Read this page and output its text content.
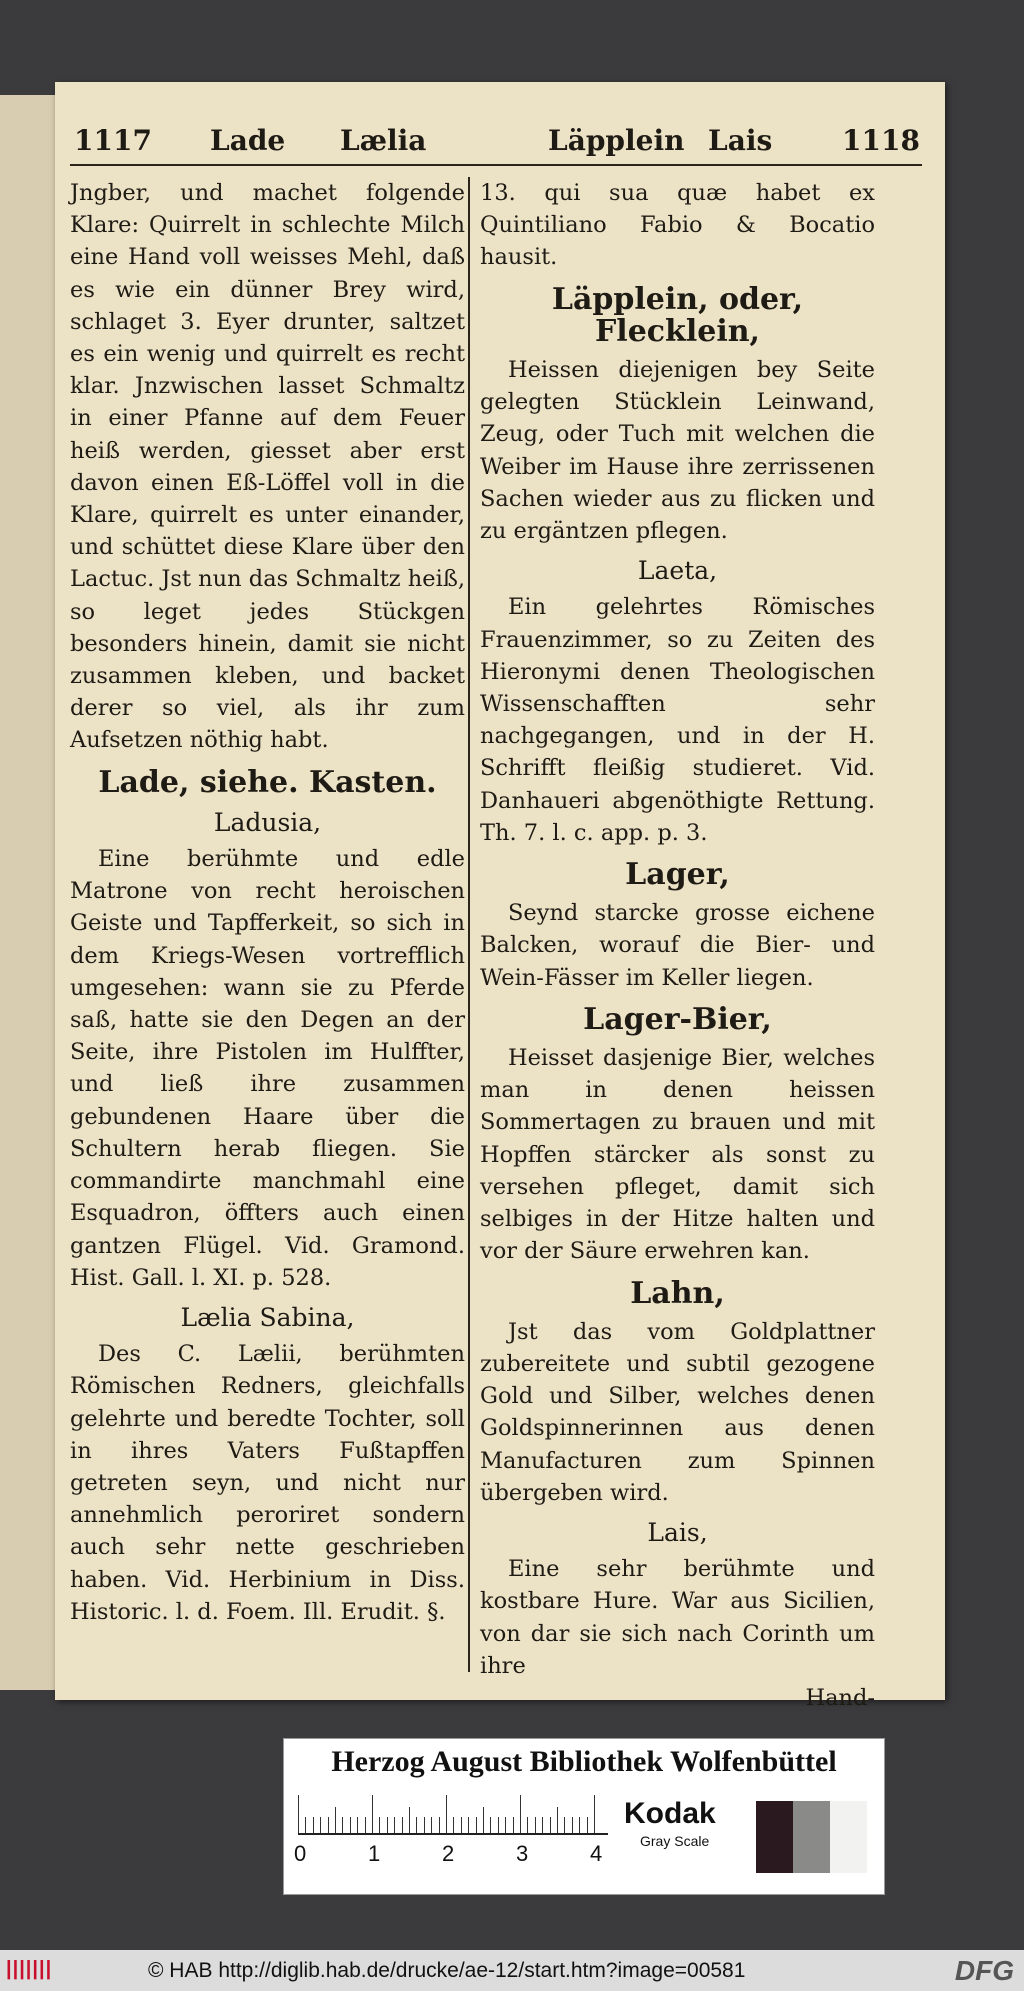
1117 Lade Lælia	Läpplein Lais 1118

Jngber, und machet folgende Klare: Quirrelt in schlechte Milch eine Hand voll weisses Mehl, daß es wie ein dünner Brey wird, schlaget 3. Eyer drunter, saltzet es ein wenig und quirrelt es recht klar. Jnzwischen lasset Schmaltz in einer Pfanne auf dem Feuer heiß werden, giesset aber erst davon einen Eß-Löffel voll in die Klare, quirrelt es unter einander, und schüttet diese Klare über den Lactuc. Jst nun das Schmaltz heiß, so leget jedes Stückgen besonders hinein, damit sie nicht zusammen kleben, und backet derer so viel, als ihr zum Aufsetzen nöthig habt.

Lade, siehe. Kasten.
Ladusia,

Eine berühmte und edle Matrone von recht heroischen Geiste und Tapfferkeit, so sich in dem Kriegs-Wesen vortrefflich umgesehen: wann sie zu Pferde saß, hatte sie den Degen an der Seite, ihre Pistolen im Hulffter, und ließ ihre zusammen gebundenen Haare über die Schultern herab fliegen. Sie commandirte manchmahl eine Esquadron, öffters auch einen gantzen Flügel. Vid. Gramond. Hist. Gall. l. XI. p. 528.

Lælia Sabina,

Des C. Lælii, berühmten Römischen Redners, gleichfalls gelehrte und beredte Tochter, soll in ihres Vaters Fußtapffen getreten seyn, und nicht nur annehmlich peroriret sondern auch sehr nette geschrieben haben. Vid. Herbinium in Diss. Historic. l. d. Foem. Ill. Erudit. §.

13. qui sua quæ habet ex Quintiliano Fabio & Bocatio hausit.

Läpplein, oder, Flecklein,

Heissen diejenigen bey Seite gelegten Stücklein Leinwand, Zeug, oder Tuch mit welchen die Weiber im Hause ihre zerrissenen Sachen wieder aus zu flicken und zu ergäntzen pflegen.

Laeta,

Ein gelehrtes Römisches Frauenzimmer, so zu Zeiten des Hieronymi denen Theologischen Wissenschafften sehr nachgegangen, und in der H. Schrifft fleißig studieret. Vid. Danhaueri abgenöthigte Rettung. Th. 7. l. c. app. p. 3.

Lager,

Seynd starcke grosse eichene Balcken, worauf die Bier- und Wein-Fässer im Keller liegen.

Lager-Bier,

Heisset dasjenige Bier, welches man in denen heissen Sommertagen zu brauen und mit Hopffen stärcker als sonst zu versehen pfleget, damit sich selbiges in der Hitze halten und vor der Säure erwehren kan.

Lahn,

Jst das vom Goldplattner zubereitete und subtil gezogene Gold und Silber, welches denen Goldspinnerinnen aus denen Manufacturen zum Spinnen übergeben wird.

Lais,

Eine sehr berühmte und kostbare Hure. War aus Sicilien, von dar sie sich nach Corinth um ihre

Hand-
Herzog August Bibliothek Wolfenbüttel
0	1	2	3	4
Kodak
Gray Scale
|||||||	© HAB http://diglib.hab.de/drucke/ae-12/start.htm?image=00581	DFG
